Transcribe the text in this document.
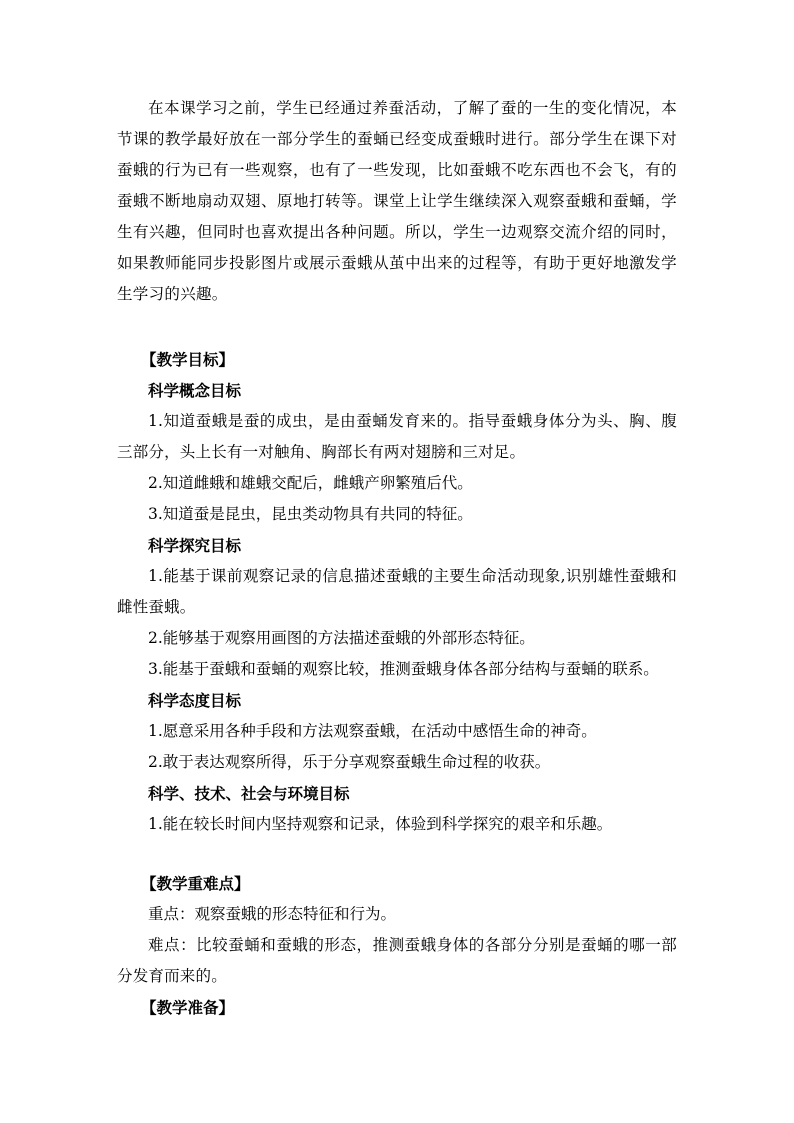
在本课学习之前，学生已经通过养蚕活动，了解了蚕的一生的变化情况，本节课的教学最好放在一部分学生的蚕蛹已经变成蚕蛾时进行。部分学生在课下对蚕蛾的行为已有一些观察，也有了一些发现，比如蚕蛾不吃东西也不会飞，有的蚕蛾不断地扇动双翅、原地打转等。课堂上让学生继续深入观察蚕蛾和蚕蛹，学生有兴趣，但同时也喜欢提出各种问题。所以，学生一边观察交流介绍的同时，如果教师能同步投影图片或展示蚕蛾从茧中出来的过程等，有助于更好地激发学生学习的兴趣。

【教学目标】

科学概念目标

1.知道蚕蛾是蚕的成虫，是由蚕蛹发育来的。指导蚕蛾身体分为头、胸、腹三部分，头上长有一对触角、胸部长有两对翅膀和三对足。

2.知道雌蛾和雄蛾交配后，雌蛾产卵繁殖后代。

3.知道蚕是昆虫，昆虫类动物具有共同的特征。

科学探究目标

1.能基于课前观察记录的信息描述蚕蛾的主要生命活动现象,识别雄性蚕蛾和雌性蚕蛾。

2.能够基于观察用画图的方法描述蚕蛾的外部形态特征。

3.能基于蚕蛾和蚕蛹的观察比较，推测蚕蛾身体各部分结构与蚕蛹的联系。

科学态度目标

1.愿意采用各种手段和方法观察蚕蛾，在活动中感悟生命的神奇。

2.敢于表达观察所得，乐于分享观察蚕蛾生命过程的收获。

科学、技术、社会与环境目标

1.能在较长时间内坚持观察和记录，体验到科学探究的艰辛和乐趣。

【教学重难点】

重点：观察蚕蛾的形态特征和行为。

难点：比较蚕蛹和蚕蛾的形态，推测蚕蛾身体的各部分分别是蚕蛹的哪一部分发育而来的。

【教学准备】
